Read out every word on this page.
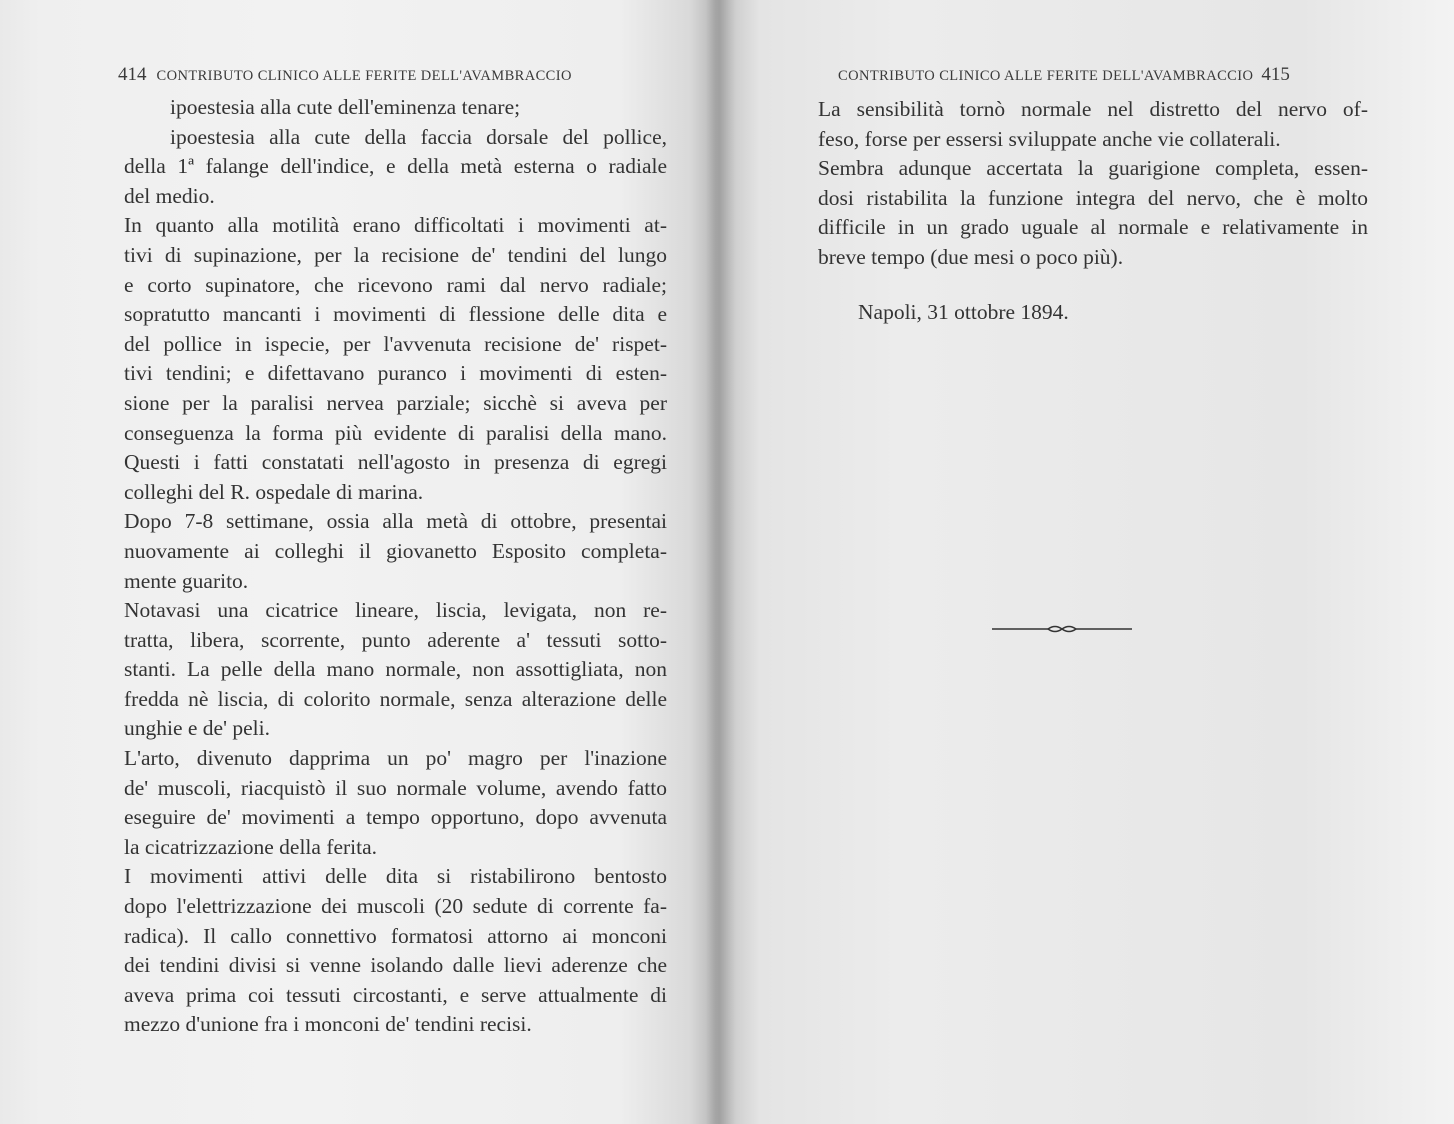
414 CONTRIBUTO CLINICO ALLE FERITE DELL'AVAMBRACCIO
ipoestesia alla cute dell'eminenza tenare;
ipoestesia alla cute della faccia dorsale del pollice,
della 1ª falange dell'indice, e della metà esterna o radiale
del medio.
In quanto alla motilità erano difficoltati i movimenti at-
tivi di supinazione, per la recisione de' tendini del lungo
e corto supinatore, che ricevono rami dal nervo radiale;
sopratutto mancanti i movimenti di flessione delle dita e
del pollice in ispecie, per l'avvenuta recisione de' rispet-
tivi tendini; e difettavano puranco i movimenti di esten-
sione per la paralisi nervea parziale; sicchè si aveva per
conseguenza la forma più evidente di paralisi della mano.
Questi i fatti constatati nell'agosto in presenza di egregi
colleghi del R. ospedale di marina.
Dopo 7-8 settimane, ossia alla metà di ottobre, presentai
nuovamente ai colleghi il giovanetto Esposito completa-
mente guarito.
Notavasi una cicatrice lineare, liscia, levigata, non re-
tratta, libera, scorrente, punto aderente a' tessuti sotto-
stanti. La pelle della mano normale, non assottigliata, non
fredda nè liscia, di colorito normale, senza alterazione delle
unghie e de' peli.
L'arto, divenuto dapprima un po' magro per l'inazione
de' muscoli, riacquistò il suo normale volume, avendo fatto
eseguire de' movimenti a tempo opportuno, dopo avvenuta
la cicatrizzazione della ferita.
I movimenti attivi delle dita si ristabilirono bentosto
dopo l'elettrizzazione dei muscoli (20 sedute di corrente fa-
radica). Il callo connettivo formatosi attorno ai monconi
dei tendini divisi si venne isolando dalle lievi aderenze che
aveva prima coi tessuti circostanti, e serve attualmente di
mezzo d'unione fra i monconi de' tendini recisi.
CONTRIBUTO CLINICO ALLE FERITE DELL'AVAMBRACCIO 415
La sensibilità tornò normale nel distretto del nervo of-
feso, forse per essersi sviluppate anche vie collaterali.
Sembra adunque accertata la guarigione completa, essen-
dosi ristabilita la funzione integra del nervo, che è molto
difficile in un grado uguale al normale e relativamente in
breve tempo (due mesi o poco più).
Napoli, 31 ottobre 1894.
